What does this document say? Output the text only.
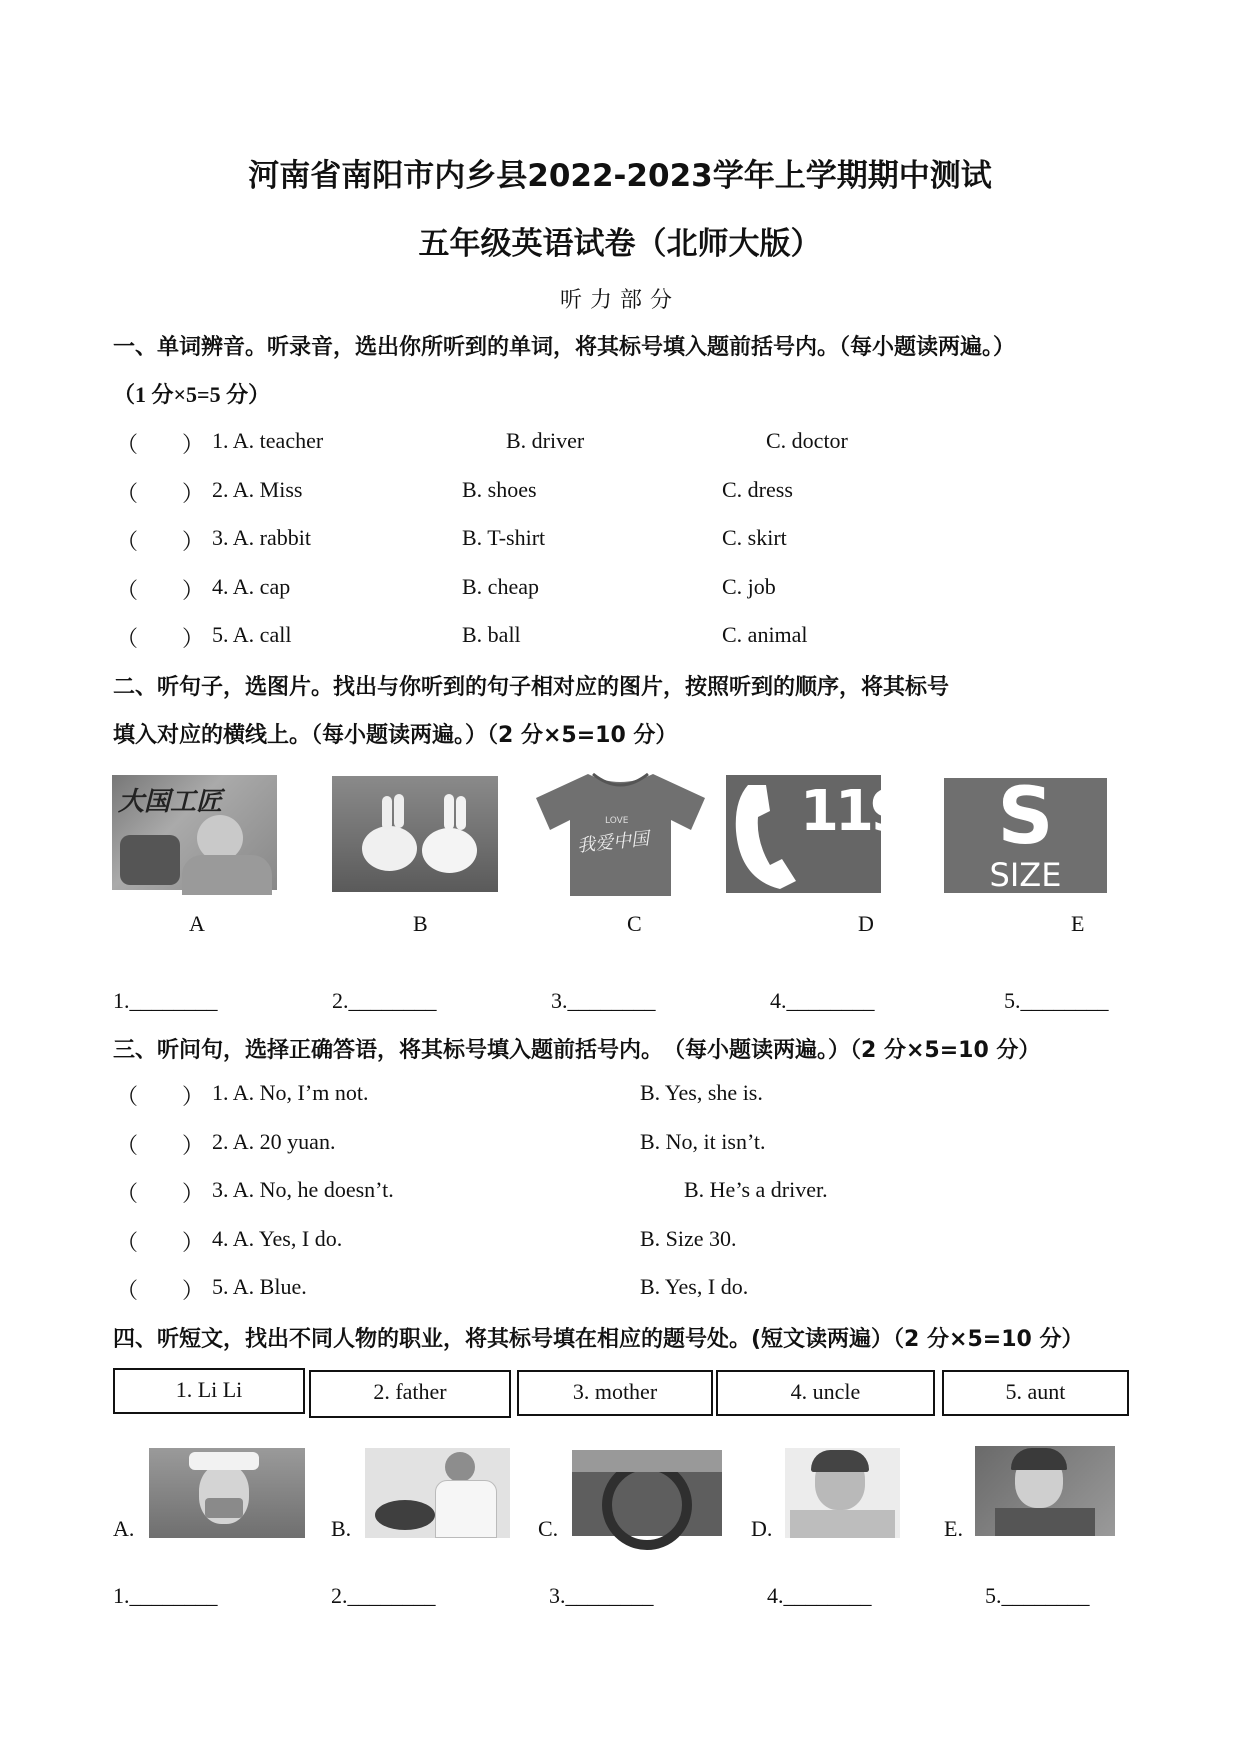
河南省南阳市内乡县2022-2023学年上学期期中测试
五年级英语试卷（北师大版）
听力部分
一、单词辨音。听录音，选出你所听到的单词，将其标号填入题前括号内。（每小题读两遍。）
（1 分×5=5 分）
（　　） 1. A. teacher	B. driver	C. doctor
（　　） 2. A. Miss	B. shoes	C. dress
（　　） 3. A. rabbit	B. T-shirt	C. skirt
（　　） 4. A. cap	B. cheap	C. job
（　　） 5. A. call	B. ball	C. animal
二、听句子，选图片。找出与你听到的句子相对应的图片，按照听到的顺序，将其标号
填入对应的横线上。（每小题读两遍。）（2 分×5=10 分）
大国工匠
LOVE
我爱中国	119	S
SIZE
A	B	C	D	E
1.________	2.________	3.________	4.________	5.________
三、听问句，选择正确答语，将其标号填入题前括号内。　（每小题读两遍。）（2 分×5=10 分）
（　　） 1. A. No, I’m not.	B. Yes, she is.
（　　） 2. A. 20 yuan.	B. No, it isn’t.
（　　） 3. A. No, he doesn’t.	B. He’s a driver.
（　　） 4. A. Yes, I do.	B. Size 30.
（　　） 5. A. Blue.	B. Yes, I do.
四、听短文，找出不同人物的职业，将其标号填在相应的题号处。(短文读两遍）（2 分×5=10 分）
1. Li Li	2. father	3. mother	4. uncle	5. aunt
A.	B.	C.	D.	E.
1.________	2.________	3.________	4.________	5.________
